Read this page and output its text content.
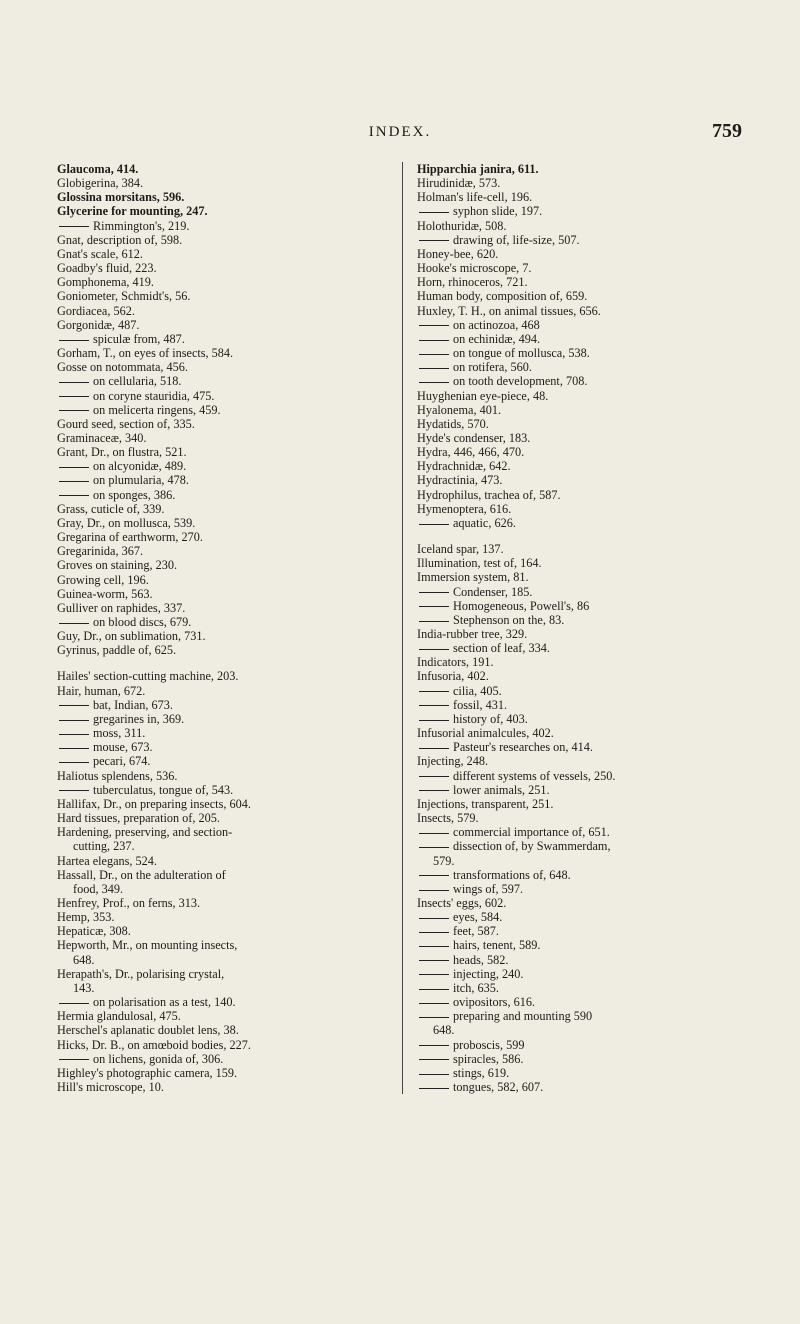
INDEX.	759
Glaucoma, 414.
Globigerina, 384.
Glossina morsitans, 596.
Glycerine for mounting, 247.
Rimmington's, 219.
Gnat, description of, 598.
Gnat's scale, 612.
Goadby's fluid, 223.
Gomphonema, 419.
Goniometer, Schmidt's, 56.
Gordiacea, 562.
Gorgonidæ, 487.
spiculæ from, 487.
Gorham, T., on eyes of insects, 584.
Gosse on notommata, 456.
on cellularia, 518.
on coryne stauridia, 475.
on melicerta ringens, 459.
Gourd seed, section of, 335.
Graminaceæ, 340.
Grant, Dr., on flustra, 521.
on alcyonidæ, 489.
on plumularia, 478.
on sponges, 386.
Grass, cuticle of, 339.
Gray, Dr., on mollusca, 539.
Gregarina of earthworm, 270.
Gregarinida, 367.
Groves on staining, 230.
Growing cell, 196.
Guinea-worm, 563.
Gulliver on raphides, 337.
on blood discs, 679.
Guy, Dr., on sublimation, 731.
Gyrinus, paddle of, 625.
Hailes' section-cutting machine, 203.
Hair, human, 672.
bat, Indian, 673.
gregarines in, 369.
moss, 311.
mouse, 673.
pecari, 674.
Haliotus splendens, 536.
tuberculatus, tongue of, 543.
Hallifax, Dr., on preparing insects, 604.
Hard tissues, preparation of, 205.
Hardening, preserving, and section-
cutting, 237.
Hartea elegans, 524.
Hassall, Dr., on the adulteration of
food, 349.
Henfrey, Prof., on ferns, 313.
Hemp, 353.
Hepaticæ, 308.
Hepworth, Mr., on mounting insects,
648.
Herapath's, Dr., polarising crystal,
143.
on polarisation as a test, 140.
Hermia glandulosal, 475.
Herschel's aplanatic doublet lens, 38.
Hicks, Dr. B., on amœboid bodies, 227.
on lichens, gonida of, 306.
Highley's photographic camera, 159.
Hill's microscope, 10.
Hipparchia janira, 611.
Hirudinidæ, 573.
Holman's life-cell, 196.
syphon slide, 197.
Holothuridæ, 508.
drawing of, life-size, 507.
Honey-bee, 620.
Hooke's microscope, 7.
Horn, rhinoceros, 721.
Human body, composition of, 659.
Huxley, T. H., on animal tissues, 656.
on actinozoa, 468
on echinidæ, 494.
on tongue of mollusca, 538.
on rotifera, 560.
on tooth development, 708.
Huyghenian eye-piece, 48.
Hyalonema, 401.
Hydatids, 570.
Hyde's condenser, 183.
Hydra, 446, 466, 470.
Hydrachnidæ, 642.
Hydractinia, 473.
Hydrophilus, trachea of, 587.
Hymenoptera, 616.
aquatic, 626.
Iceland spar, 137.
Illumination, test of, 164.
Immersion system, 81.
Condenser, 185.
Homogeneous, Powell's, 86
Stephenson on the, 83.
India-rubber tree, 329.
section of leaf, 334.
Indicators, 191.
Infusoria, 402.
cilia, 405.
fossil, 431.
history of, 403.
Infusorial animalcules, 402.
Pasteur's researches on, 414.
Injecting, 248.
different systems of vessels, 250.
lower animals, 251.
Injections, transparent, 251.
Insects, 579.
commercial importance of, 651.
dissection of, by Swammerdam,
579.
transformations of, 648.
wings of, 597.
Insects' eggs, 602.
eyes, 584.
feet, 587.
hairs, tenent, 589.
heads, 582.
injecting, 240.
itch, 635.
ovipositors, 616.
preparing and mounting 590
648.
proboscis, 599
spiracles, 586.
stings, 619.
tongues, 582, 607.
